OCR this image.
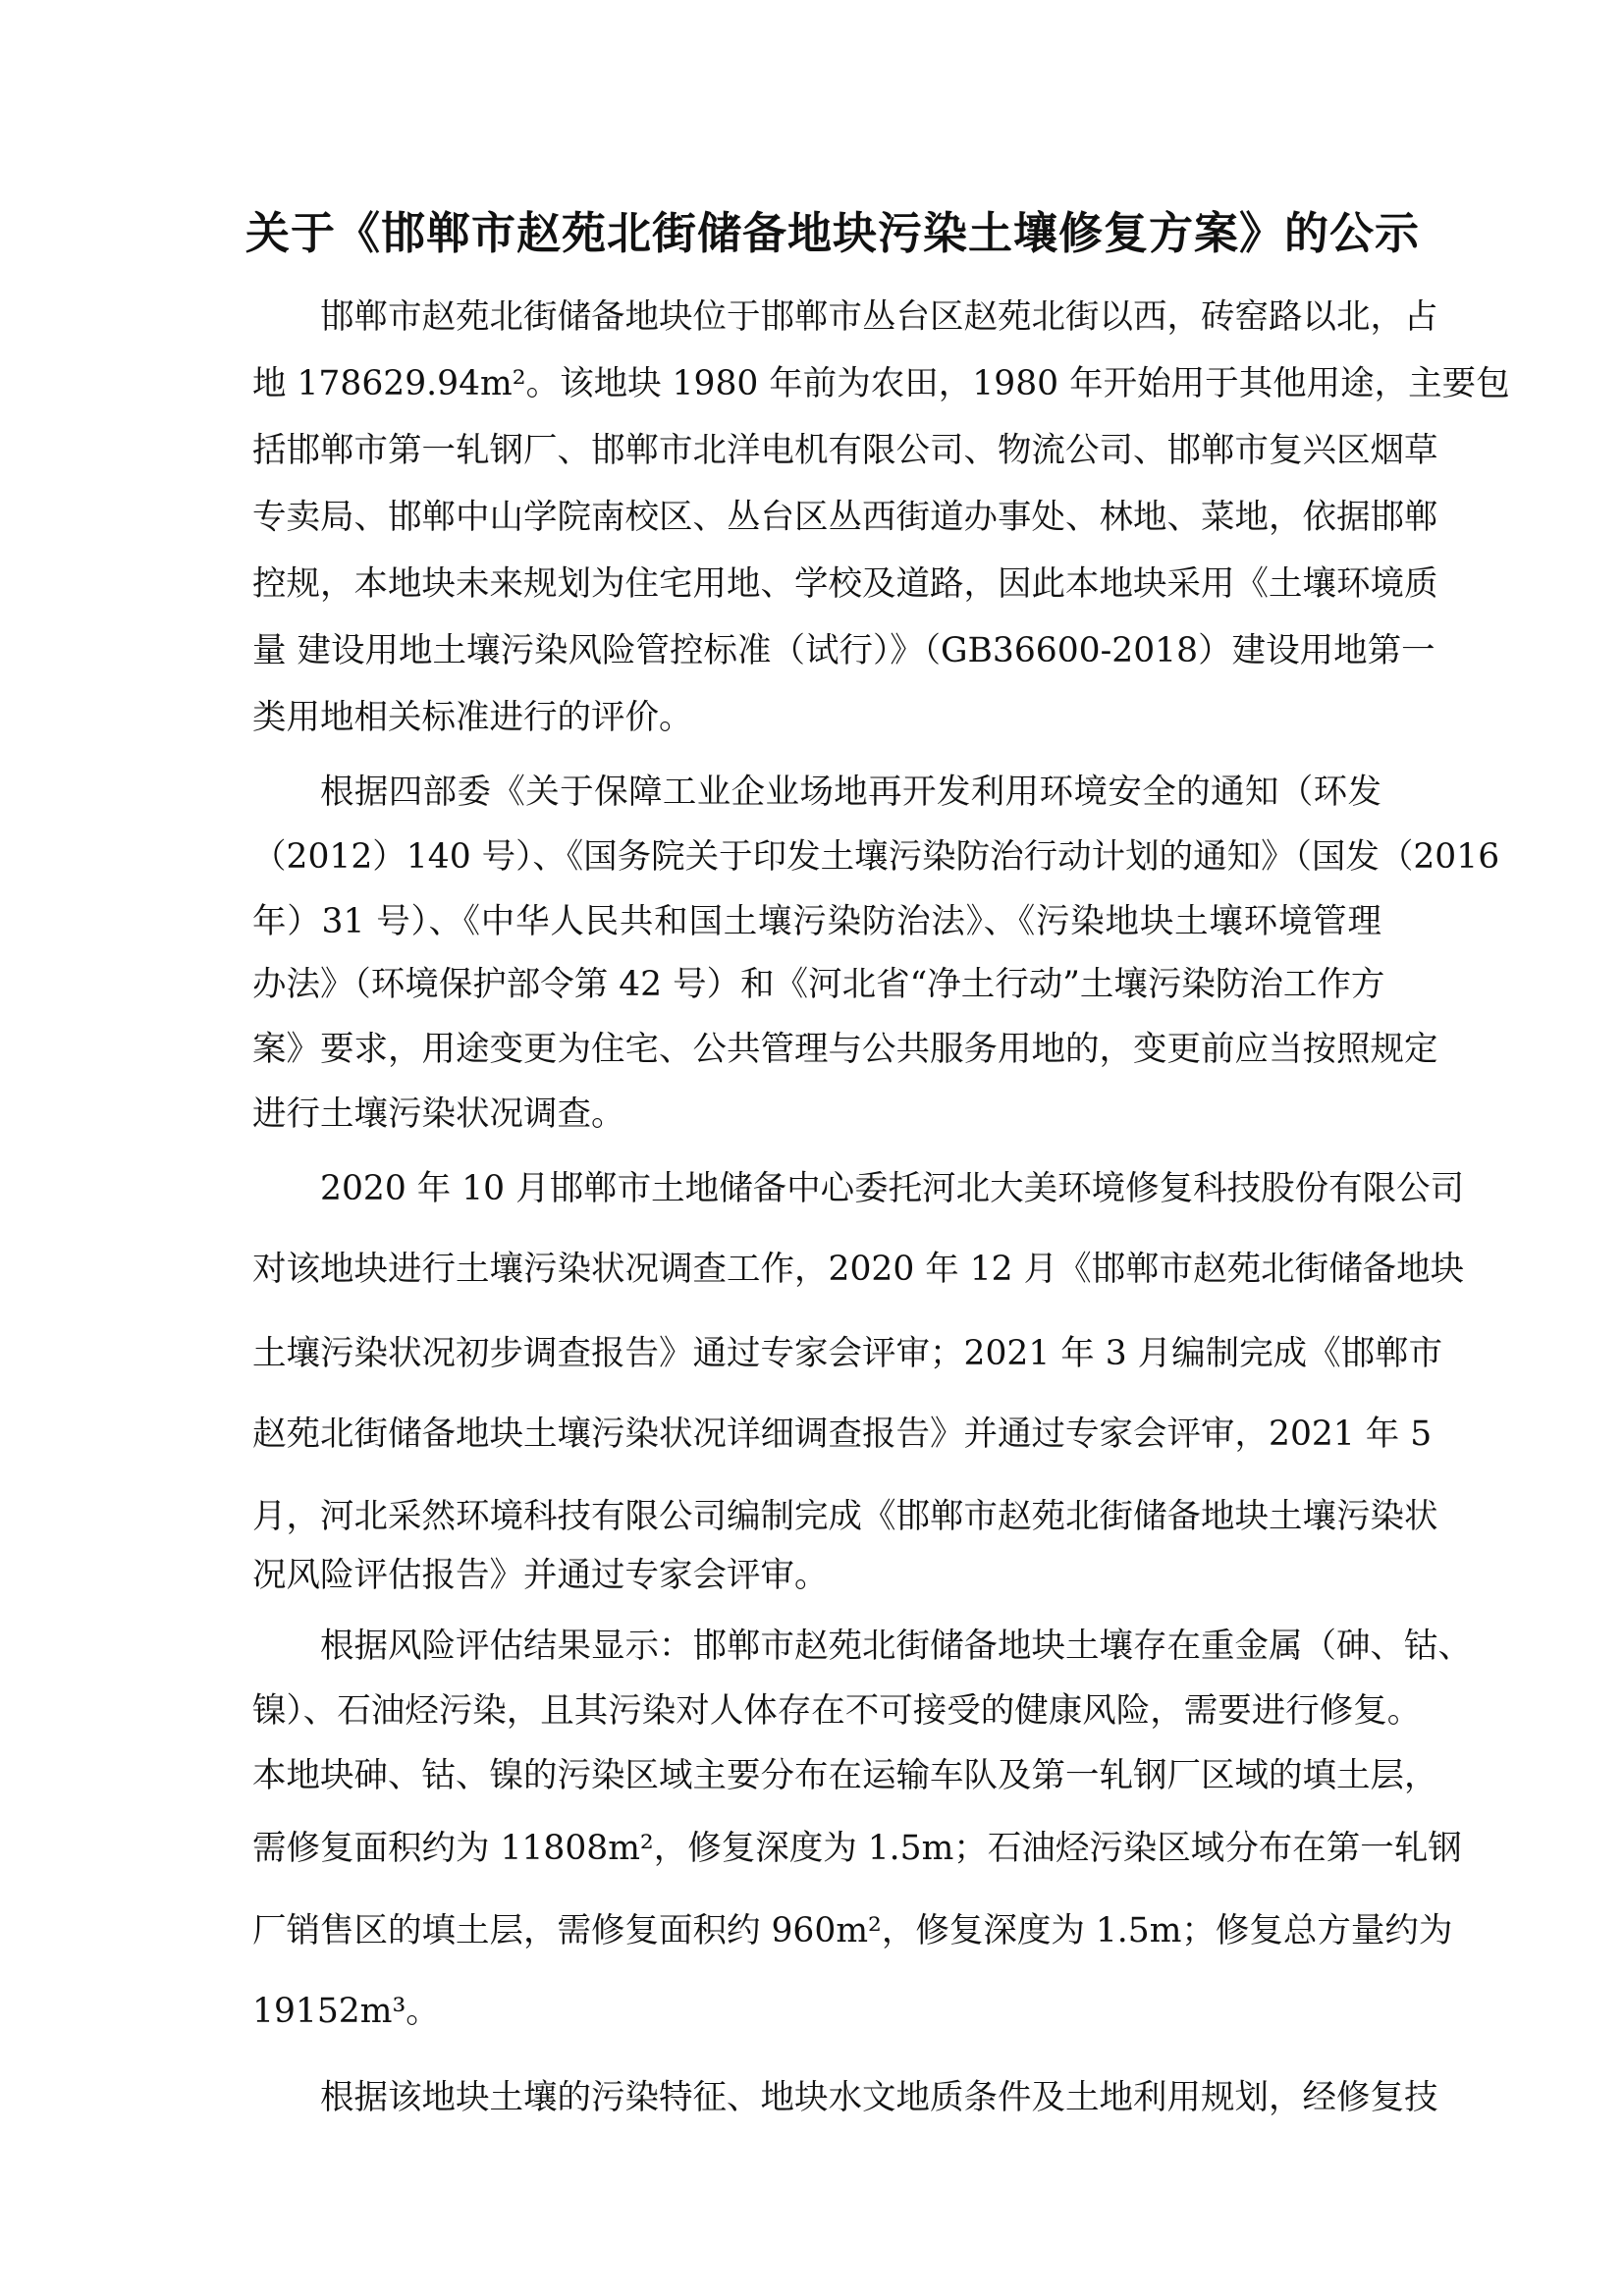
关于《邯郸市赵苑北街储备地块污染土壤修复方案》的公示
邯郸市赵苑北街储备地块位于邯郸市丛台区赵苑北街以西，砖窑路以北，占
地 178629.94m²。该地块 1980 年前为农田，1980 年开始用于其他用途，主要包
括邯郸市第一轧钢厂、邯郸市北洋电机有限公司、物流公司、邯郸市复兴区烟草
专卖局、邯郸中山学院南校区、丛台区丛西街道办事处、林地、菜地，依据邯郸
控规，本地块未来规划为住宅用地、学校及道路，因此本地块采用《土壤环境质
量 建设用地土壤污染风险管控标准（试行）》（GB36600-2018）建设用地第一
类用地相关标准进行的评价。
根据四部委《关于保障工业企业场地再开发利用环境安全的通知（环发
（2012）140 号）、《国务院关于印发土壤污染防治行动计划的通知》（国发（2016
年）31 号）、《中华人民共和国土壤污染防治法》、《污染地块土壤环境管理
办法》（环境保护部令第 42 号）和《河北省“净土行动”土壤污染防治工作方
案》要求，用途变更为住宅、公共管理与公共服务用地的，变更前应当按照规定
进行土壤污染状况调查。
2020 年 10 月邯郸市土地储备中心委托河北大美环境修复科技股份有限公司
对该地块进行土壤污染状况调查工作，2020 年 12 月《邯郸市赵苑北街储备地块
土壤污染状况初步调查报告》通过专家会评审；2021 年 3 月编制完成《邯郸市
赵苑北街储备地块土壤污染状况详细调查报告》并通过专家会评审，2021 年 5
月，河北采然环境科技有限公司编制完成《邯郸市赵苑北街储备地块土壤污染状
况风险评估报告》并通过专家会评审。
根据风险评估结果显示：邯郸市赵苑北街储备地块土壤存在重金属（砷、钴、
镍）、石油烃污染，且其污染对人体存在不可接受的健康风险，需要进行修复。
本地块砷、钴、镍的污染区域主要分布在运输车队及第一轧钢厂区域的填土层，
需修复面积约为 11808m²，修复深度为 1.5m；石油烃污染区域分布在第一轧钢
厂销售区的填土层，需修复面积约 960m²，修复深度为 1.5m；修复总方量约为
19152m³。
根据该地块土壤的污染特征、地块水文地质条件及土地利用规划，经修复技
